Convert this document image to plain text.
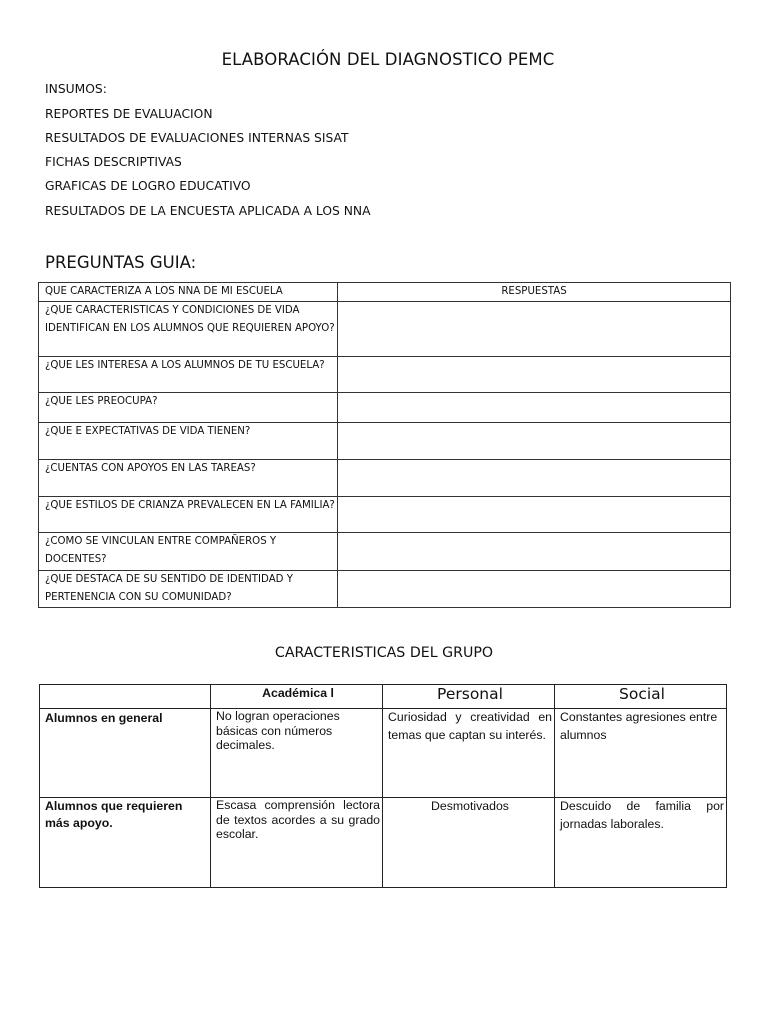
ELABORACIÓN DEL DIAGNOSTICO PEMC
INSUMOS:
REPORTES DE EVALUACION
RESULTADOS DE EVALUACIONES INTERNAS SISAT
FICHAS DESCRIPTIVAS
GRAFICAS DE LOGRO EDUCATIVO
RESULTADOS DE LA ENCUESTA APLICADA A LOS NNA
PREGUNTAS GUIA:
QUE CARACTERIZA A LOS NNA DE MI ESCUELA	RESPUESTAS
¿QUE CARACTERISTICAS Y CONDICIONES DE VIDA IDENTIFICAN EN LOS ALUMNOS QUE REQUIEREN APOYO?	
¿QUE LES INTERESA A LOS ALUMNOS DE TU ESCUELA?	
¿QUE LES PREOCUPA?	
¿QUE E EXPECTATIVAS DE VIDA TIENEN?	
¿CUENTAS CON APOYOS EN LAS TAREAS?	
¿QUE ESTILOS DE CRIANZA PREVALECEN EN LA FAMILIA?	
¿COMO SE VINCULAN ENTRE COMPAÑEROS Y DOCENTES?	
¿QUE DESTACA DE SU SENTIDO DE IDENTIDAD Y PERTENENCIA CON SU COMUNIDAD?	
CARACTERISTICAS DEL GRUPO
	Académica l	Personal	Social
Alumnos en general	No logran operaciones básicas con números decimales.	Curiosidad y creatividad en temas que captan su interés.	Constantes agresiones entre alumnos
Alumnos que requieren más apoyo.	Escasa comprensión lectora de textos acordes a su grado escolar.	Desmotivados	Descuido de familia por jornadas laborales.
